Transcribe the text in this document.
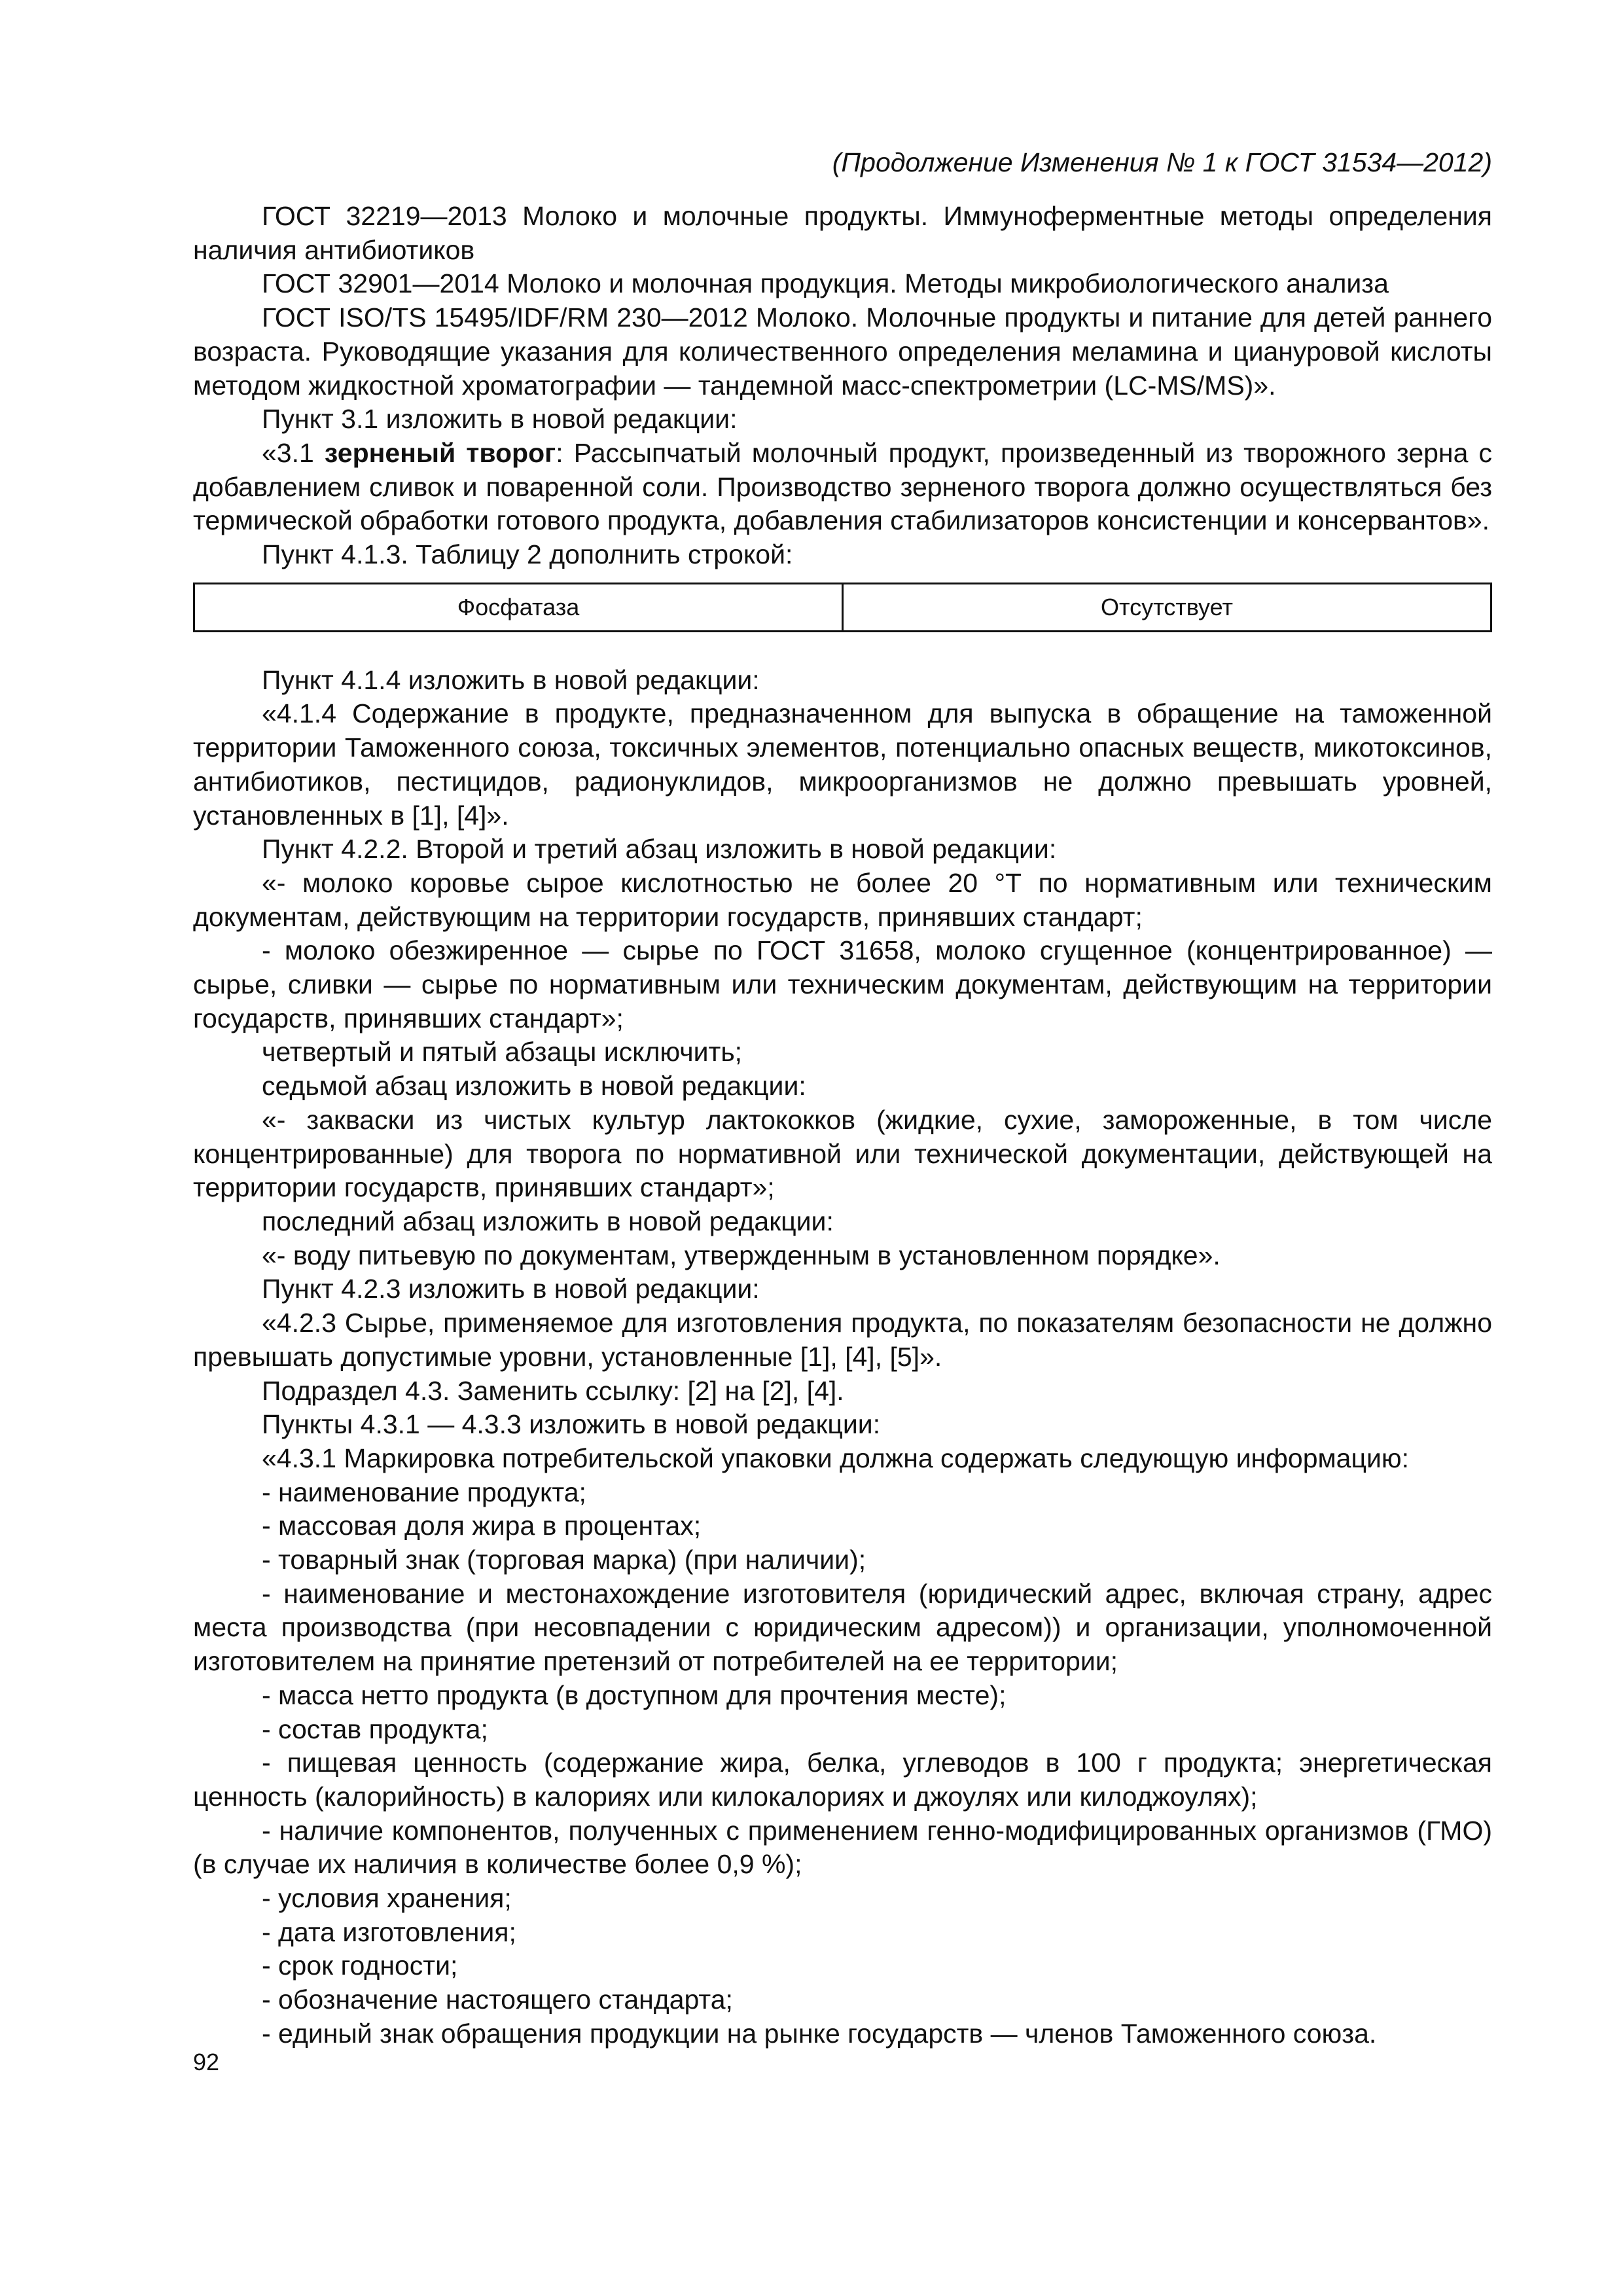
(Продолжение Изменения № 1 к ГОСТ 31534—2012)

ГОСТ 32219—2013 Молоко и молочные продукты. Иммуноферментные методы определения наличия антибиотиков

ГОСТ 32901—2014 Молоко и молочная продукция. Методы микробиологического анализа

ГОСТ ISO/TS 15495/IDF/RM 230—2012 Молоко. Молочные продукты и питание для детей раннего возраста. Руководящие указания для количественного определения меламина и циануровой кислоты методом жидкостной хроматографии — тандемной масс-спектрометрии (LC-MS/MS)».

Пункт 3.1 изложить в новой редакции:

«3.1 зерненый творог: Рассыпчатый молочный продукт, произведенный из творожного зерна с добавлением сливок и поваренной соли. Производство зерненого творога должно осуществляться без термической обработки готового продукта, добавления стабилизаторов консистенции и консервантов».

Пункт 4.1.3. Таблицу 2 дополнить строкой:

Фосфатаза	Отсутствует

Пункт 4.1.4 изложить в новой редакции:

«4.1.4 Содержание в продукте, предназначенном для выпуска в обращение на таможенной территории Таможенного союза, токсичных элементов, потенциально опасных веществ, микотоксинов, антибиотиков, пестицидов, радионуклидов, микроорганизмов не должно превышать уровней, установленных в [1], [4]».

Пункт 4.2.2. Второй и третий абзац изложить в новой редакции:

«- молоко коровье сырое кислотностью не более 20 °Т по нормативным или техническим документам, действующим на территории государств, принявших стандарт;

- молоко обезжиренное — сырье по ГОСТ 31658, молоко сгущенное (концентрированное) — сырье, сливки — сырье по нормативным или техническим документам, действующим на территории государств, принявших стандарт»;

четвертый и пятый абзацы исключить;

седьмой абзац изложить в новой редакции:

«- закваски из чистых культур лактококков (жидкие, сухие, замороженные, в том числе концентрированные) для творога по нормативной или технической документации, действующей на территории государств, принявших стандарт»;

последний абзац изложить в новой редакции:

«- воду питьевую по документам, утвержденным в установленном порядке».

Пункт 4.2.3 изложить в новой редакции:

«4.2.3 Сырье, применяемое для изготовления продукта, по показателям безопасности не должно превышать допустимые уровни, установленные [1], [4], [5]».

Подраздел 4.3. Заменить ссылку: [2] на [2], [4].

Пункты 4.3.1 — 4.3.3 изложить в новой редакции:

«4.3.1 Маркировка потребительской упаковки должна содержать следующую информацию:

- наименование продукта;

- массовая доля жира в процентах;

- товарный знак (торговая марка) (при наличии);

- наименование и местонахождение изготовителя (юридический адрес, включая страну, адрес места производства (при несовпадении с юридическим адресом)) и организации, уполномоченной изготовителем на принятие претензий от потребителей на ее территории;

- масса нетто продукта (в доступном для прочтения месте);

- состав продукта;

- пищевая ценность (содержание жира, белка, углеводов в 100 г продукта; энергетическая ценность (калорийность) в калориях или килокалориях и джоулях или килоджоулях);

- наличие компонентов, полученных с применением генно-модифицированных организмов (ГМО) (в случае их наличия в количестве более 0,9 %);

- условия хранения;

- дата изготовления;

- срок годности;

- обозначение настоящего стандарта;

- единый знак обращения продукции на рынке государств — членов Таможенного союза.

92
